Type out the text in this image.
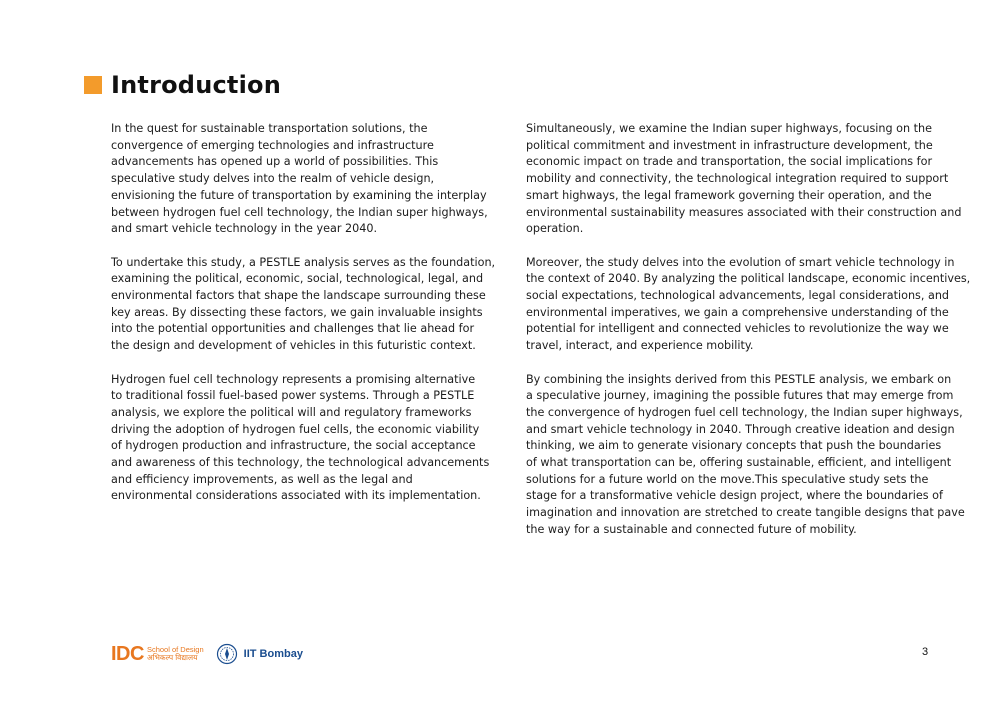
Introduction
In the quest for sustainable transportation solutions, the
convergence of emerging technologies and infrastructure
advancements has opened up a world of possibilities. This
speculative study delves into the realm of vehicle design,
envisioning the future of transportation by examining the interplay
between hydrogen fuel cell technology, the Indian super highways,
and smart vehicle technology in the year 2040.
To undertake this study, a PESTLE analysis serves as the foundation,
examining the political, economic, social, technological, legal, and
environmental factors that shape the landscape surrounding these
key areas. By dissecting these factors, we gain invaluable insights
into the potential opportunities and challenges that lie ahead for
the design and development of vehicles in this futuristic context.
Hydrogen fuel cell technology represents a promising alternative
to traditional fossil fuel-based power systems. Through a PESTLE
analysis, we explore the political will and regulatory frameworks
driving the adoption of hydrogen fuel cells, the economic viability
of hydrogen production and infrastructure, the social acceptance
and awareness of this technology, the technological advancements
and efficiency improvements, as well as the legal and
environmental considerations associated with its implementation.
Simultaneously, we examine the Indian super highways, focusing on the
political commitment and investment in infrastructure development, the
economic impact on trade and transportation, the social implications for
mobility and connectivity, the technological integration required to support
smart highways, the legal framework governing their operation, and the
environmental sustainability measures associated with their construction and
operation.
Moreover, the study delves into the evolution of smart vehicle technology in
the context of 2040. By analyzing the political landscape, economic incentives,
social expectations, technological advancements, legal considerations, and
environmental imperatives, we gain a comprehensive understanding of the
potential for intelligent and connected vehicles to revolutionize the way we
travel, interact, and experience mobility.
By combining the insights derived from this PESTLE analysis, we embark on
a speculative journey, imagining the possible futures that may emerge from
the convergence of hydrogen fuel cell technology, the Indian super highways,
and smart vehicle technology in 2040. Through creative ideation and design
thinking, we aim to generate visionary concepts that push the boundaries
of what transportation can be, offering sustainable, efficient, and intelligent
solutions for a future world on the move.This speculative study sets the
stage for a transformative vehicle design project, where the boundaries of
imagination and innovation are stretched to create tangible designs that pave
the way for a sustainable and connected future of mobility.
IDC School of Design
अभिकल्प विद्यालय	IIT Bombay	3
